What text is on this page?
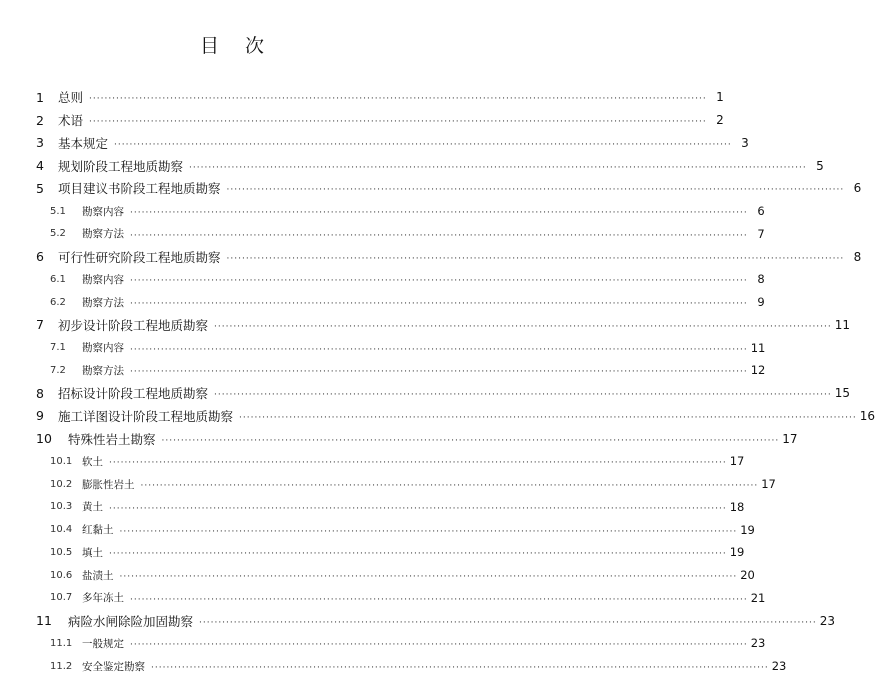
目次
1	总则 ································································································································································ 1
2	术语 ································································································································································ 2
3	基本规定 ································································································································································ 3
4	规划阶段工程地质勘察 ································································································································································ 5
5	项目建议书阶段工程地质勘察 ································································································································································ 6
5.1	勘察内容 ································································································································································ 6
5.2	勘察方法 ································································································································································ 7
6	可行性研究阶段工程地质勘察 ································································································································································ 8
6.1	勘察内容 ································································································································································ 8
6.2	勘察方法 ································································································································································ 9
7	初步设计阶段工程地质勘察 ································································································································································ 11
7.1	勘察内容 ································································································································································ 11
7.2	勘察方法 ································································································································································ 12
8	招标设计阶段工程地质勘察 ································································································································································ 15
9	施工详图设计阶段工程地质勘察 ································································································································································ 16
10	特殊性岩土勘察 ································································································································································ 17
10.1 软土 ································································································································································ 17
10.2 膨胀性岩土 ································································································································································ 17
10.3 黄土 ································································································································································ 18
10.4 红黏土 ································································································································································ 19
10.5 填土 ································································································································································ 19
10.6 盐渍土 ································································································································································ 20
10.7 多年冻土 ································································································································································ 21
11	病险水闸除险加固勘察 ································································································································································ 23
11.1 一般规定 ································································································································································ 23
11.2 安全鉴定勘察 ································································································································································ 23
